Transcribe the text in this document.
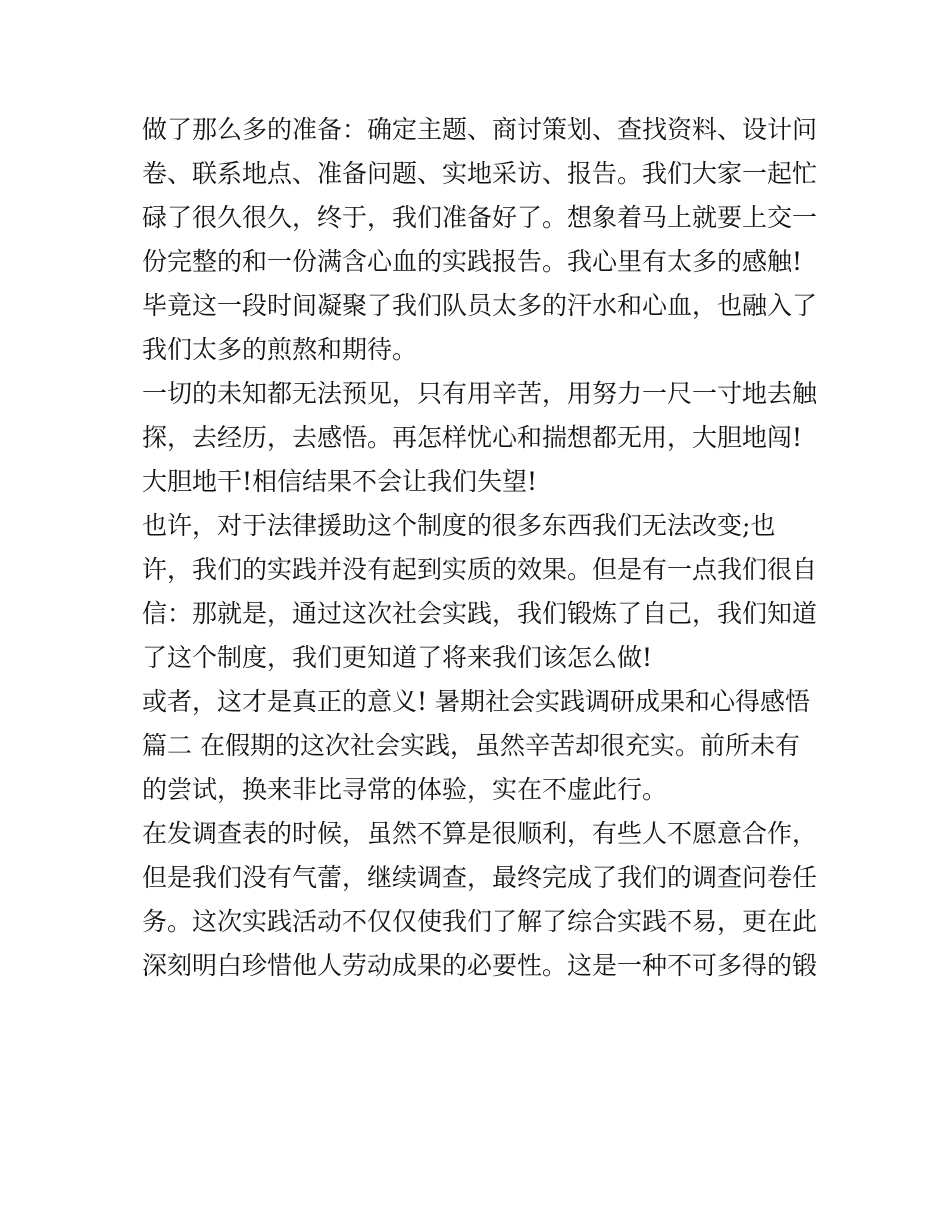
做了那么多的准备：确定主题、商讨策划、查找资料、设计问

卷、联系地点、准备问题、实地采访、报告。我们大家一起忙

碌了很久很久，终于，我们准备好了。想象着马上就要上交一

份完整的和一份满含心血的实践报告。我心里有太多的感触!

毕竟这一段时间凝聚了我们队员太多的汗水和心血，也融入了

我们太多的煎熬和期待。

一切的未知都无法预见，只有用辛苦，用努力一尺一寸地去触

探，去经历，去感悟。再怎样忧心和揣想都无用，大胆地闯!

大胆地干!相信结果不会让我们失望!

也许，对于法律援助这个制度的很多东西我们无法改变;也

许，我们的实践并没有起到实质的效果。但是有一点我们很自

信：那就是，通过这次社会实践，我们锻炼了自己，我们知道

了这个制度，我们更知道了将来我们该怎么做!

或者，这才是真正的意义! 暑期社会实践调研成果和心得感悟

篇二 在假期的这次社会实践，虽然辛苦却很充实。前所未有

的尝试，换来非比寻常的体验，实在不虚此行。

在发调查表的时候，虽然不算是很顺利，有些人不愿意合作，

但是我们没有气蕾，继续调查，最终完成了我们的调查问卷任

务。这次实践活动不仅仅使我们了解了综合实践不易，更在此

深刻明白珍惜他人劳动成果的必要性。这是一种不可多得的锻
